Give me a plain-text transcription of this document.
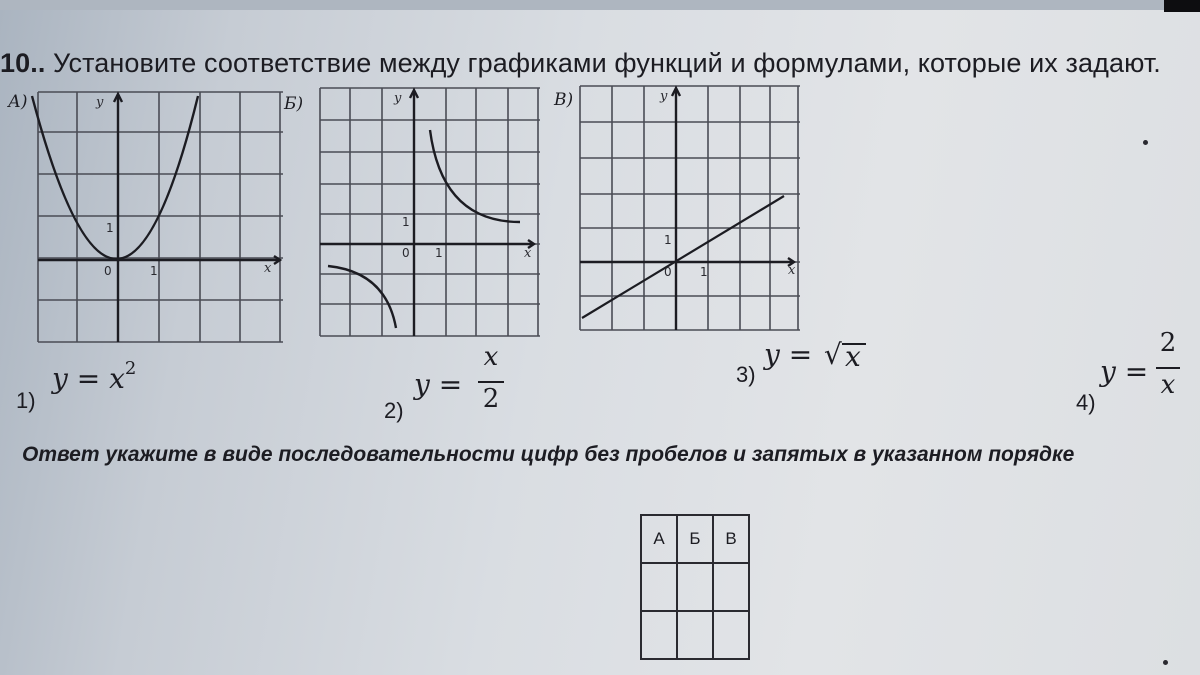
10.. Установите соответствие между графиками функций и формулами, которые их задают.
y
x
0	1
1
А)	y
x
0 1
1
Б)	y
x
0 1
1
В)
1)
$y = x^2$
2)
y =
x
2
3)
y = √ x
4)
y =
2
x
Ответ укажите в виде последовательности цифр без пробелов и запятых в указанном порядке
А	Б	В
